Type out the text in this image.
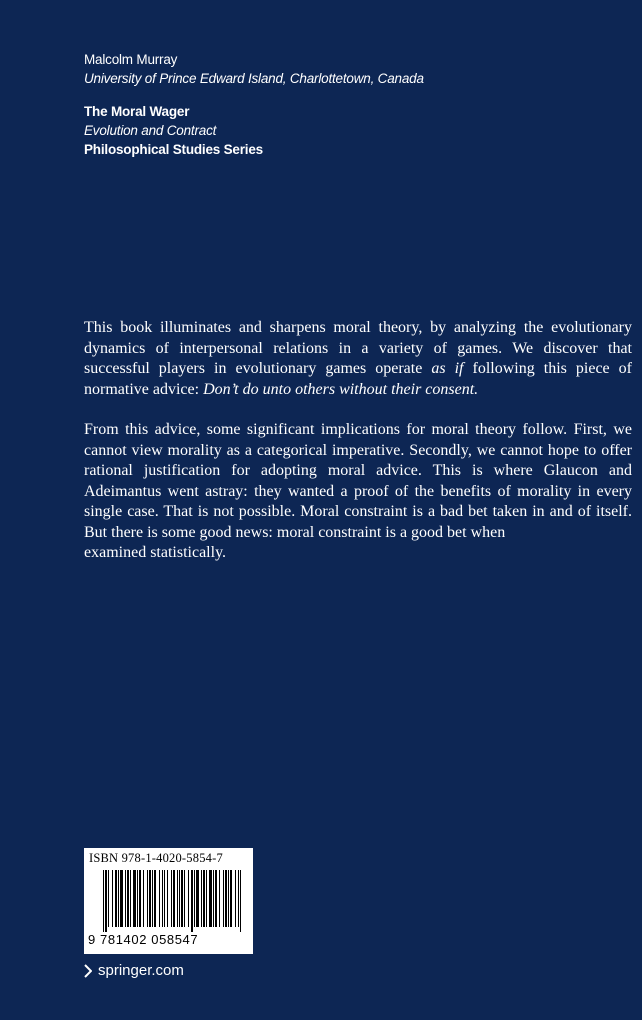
Malcolm Murray
University of Prince Edward Island, Charlottetown, Canada
The Moral Wager
Evolution and Contract
Philosophical Studies Series

This book illuminates and sharpens moral theory, by analyzing the evolutionary dynamics of interpersonal relations in a variety of games. We discover that successful players in evolutionary games operate as if following this piece of normative advice: Don’t do unto others without their consent.

From this advice, some significant implications for moral theory follow. First, we cannot view morality as a categorical imperative. Secondly, we cannot hope to offer rational justification for adopting moral advice. This is where Glaucon and Adeimantus went astray: they wanted a proof of the benefits of morality in every single case. That is not possible. Moral constraint is a bad bet taken in and of itself. But there is some good news: moral constraint is a good bet when
examined statistically.

ISBN 978-1-4020-5854-7
9 781402 058547
springer.com
